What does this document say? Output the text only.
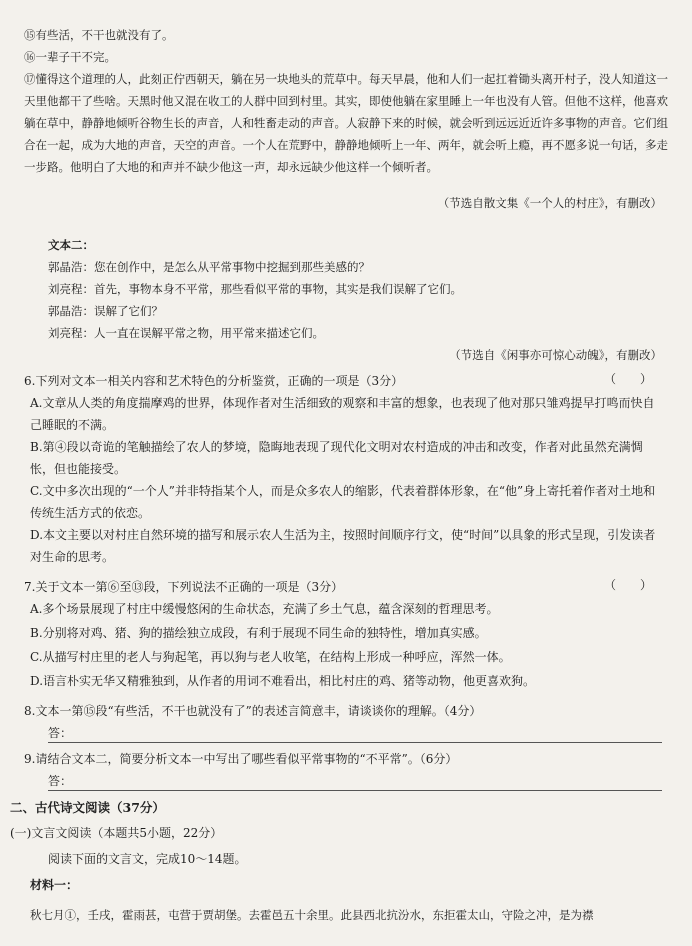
⑮有些活，不干也就没有了。
⑯一辈子干不完。
⑰懂得这个道理的人，此刻正佇西朝天，躺在另一块地头的荒草中。每天早晨，他和人们一起扛着锄头离开村子，没人知道这一天里他都干了些啥。天黑时他又混在收工的人群中回到村里。其实，即使他躺在家里睡上一年也没有人管。但他不这样，他喜欢躺在草中，静静地倾听谷物生长的声音，人和牲畜走动的声音。人寂静下来的时候，就会听到远远近近许多事物的声音。它们组合在一起，成为大地的声音，天空的声音。一个人在荒野中，静静地倾听上一年、两年，就会听上瘾，再不愿多说一句话，多走一步路。他明白了大地的和声并不缺少他这一声，却永远缺少他这样一个倾听者。
（节选自散文集《一个人的村庄》，有删改）
文本二：
郭晶浩：您在创作中，是怎么从平常事物中挖掘到那些美感的？
刘亮程：首先，事物本身不平常，那些看似平常的事物，其实是我们误解了它们。
郭晶浩：误解了它们？
刘亮程：人一直在误解平常之物，用平常来描述它们。
（节选自《闲事亦可惊心动魄》，有删改）
6.下列对文本一相关内容和艺术特色的分析鉴赏，正确的一项是（3分）	（　　）
A.文章从人类的角度揣摩鸡的世界，体现作者对生活细致的观察和丰富的想象，也表现了他对那只雏鸡提早打鸣而快自己睡眠的不满。
B.第④段以奇诡的笔触描绘了农人的梦境，隐晦地表现了现代化文明对农村造成的冲击和改变，作者对此虽然充满惆怅，但也能接受。
C.文中多次出现的“一个人”并非特指某个人，而是众多农人的缩影，代表着群体形象，在“他”身上寄托着作者对土地和传统生活方式的依恋。
D.本文主要以对村庄自然环境的描写和展示农人生活为主，按照时间顺序行文，使“时间”以具象的形式呈现，引发读者对生命的思考。
7.关于文本一第⑥至⑬段，下列说法不正确的一项是（3分）	（　　）
A.多个场景展现了村庄中缓慢悠闲的生命状态，充满了乡土气息，蕴含深刻的哲理思考。
B.分别将对鸡、猪、狗的描绘独立成段，有利于展现不同生命的独特性，增加真实感。
C.从描写村庄里的老人与狗起笔，再以狗与老人收笔，在结构上形成一种呼应，浑然一体。
D.语言朴实无华又精雅独到，从作者的用词不难看出，相比村庄的鸡、猪等动物，他更喜欢狗。
8.文本一第⑮段“有些活，不干也就没有了”的表述言简意丰，请谈谈你的理解。（4分）
答：
9.请结合文本二，简要分析文本一中写出了哪些看似平常事物的“不平常”。（6分）
答：
二、古代诗文阅读（37分）
(一)文言文阅读（本题共5小题，22分）
阅读下面的文言文，完成10～14题。
材料一：
秋七月①，壬戌，霍雨甚，屯营于贾胡堡。去霍邑五十余里。此县西北抗汾水，东拒霍太山，守险之冲，是为襟
